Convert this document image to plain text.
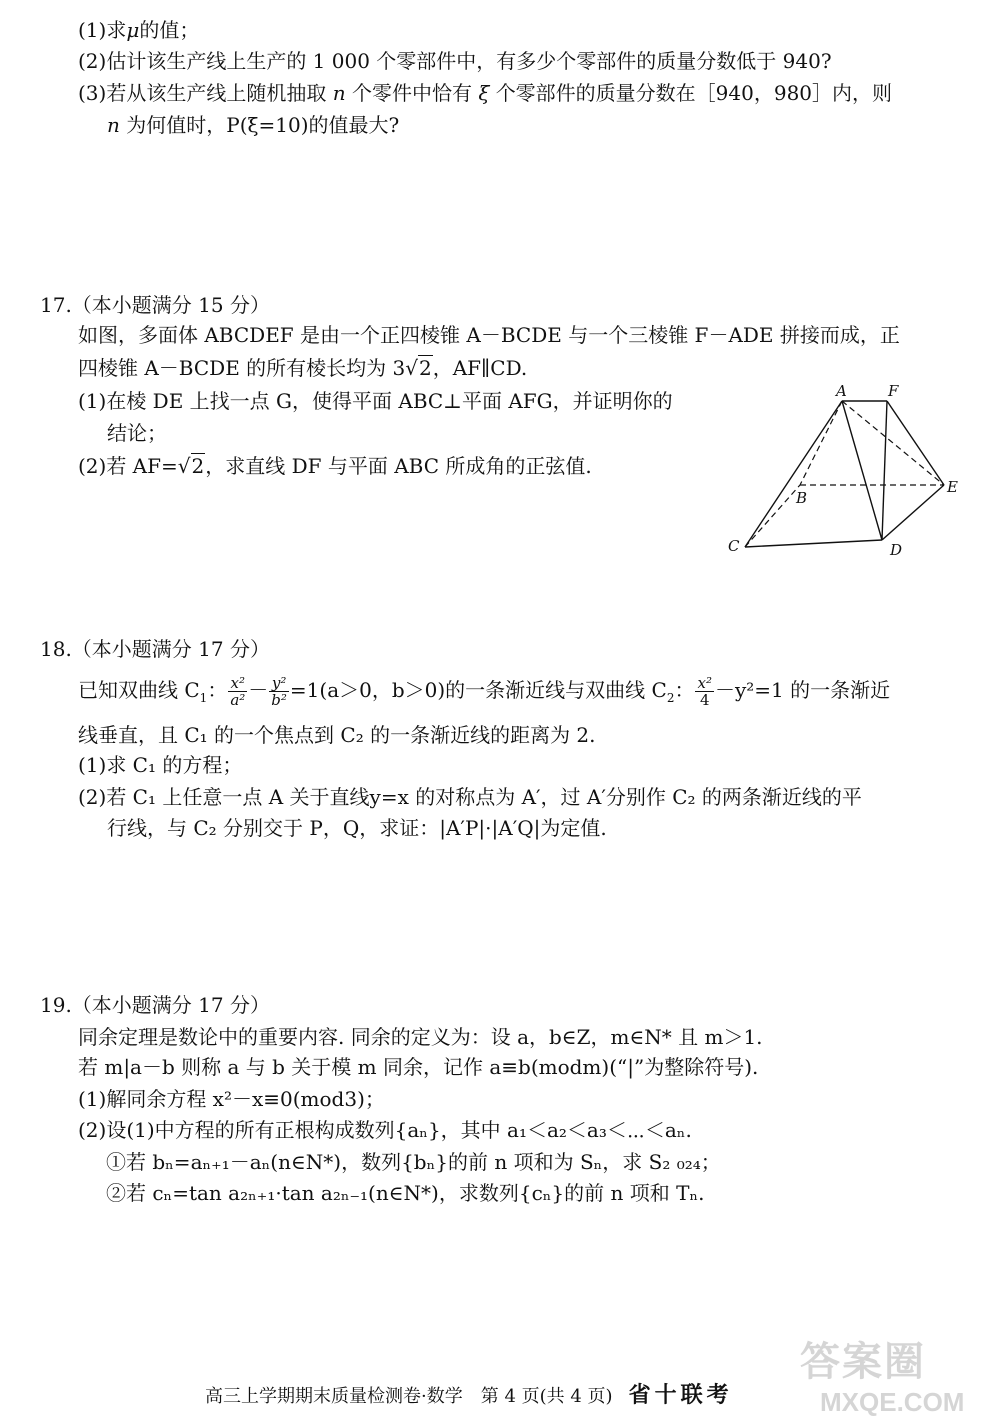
(1)求μ的值；
(2)估计该生产线上生产的 1 000 个零部件中，有多少个零部件的质量分数低于 940?
(3)若从该生产线上随机抽取 n 个零件中恰有 ξ 个零部件的质量分数在［940，980］内，则
n 为何值时，P(ξ=10)的值最大?
17.（本小题满分 15 分）
如图，多面体 ABCDEF 是由一个正四棱锥 A－BCDE 与一个三棱锥 F－ADE 拼接而成，正
四棱锥 A－BCDE 的所有棱长均为 3√2，AF∥CD.
(1)在棱 DE 上找一点 G，使得平面 ABC⊥平面 AFG，并证明你的
结论；
(2)若 AF=√2，求直线 DF 与平面 ABC 所成角的正弦值.
A	F
B
E
C	D
18.（本小题满分 17 分）
已知双曲线 $C_1$： $\frac{\text{x²}}{\text{a²}} - \frac{\text{y²}}{\text{b²}} =1(a>0$，b＞0)的一条渐近线与双曲线 $C_2$： $\frac{\text{x²}}{4} -y^2=1$ 的一条渐近
线垂直，且 C₁ 的一个焦点到 C₂ 的一条渐近线的距离为 2.
(1)求 C₁ 的方程；
(2)若 C₁ 上任意一点 A 关于直线y=x 的对称点为 A′，过 A′分别作 C₂ 的两条渐近线的平
行线，与 C₂ 分别交于 P，Q，求证：|A′P|·|A′Q|为定值.
19.（本小题满分 17 分）
同余定理是数论中的重要内容. 同余的定义为：设 a，b∈Z，m∈N* 且 m＞1.
若 m|a－b 则称 a 与 b 关于模 m 同余，记作 a≡b(modm)(“|”为整除符号).
(1)解同余方程 x²－x≡0(mod3)；
(2)设(1)中方程的所有正根构成数列{aₙ}，其中 a₁＜a₂＜a₃＜⋯＜aₙ.
①若 bₙ=aₙ₊₁－aₙ(n∈N*)，数列{bₙ}的前 n 项和为 Sₙ，求 S₂ ₀₂₄；
②若 cₙ=tan a₂ₙ₊₁·tan a₂ₙ₋₁(n∈N*)，求数列{cₙ}的前 n 项和 Tₙ.
高三上学期期末质量检测卷·数学　第 4 页(共 4 页) 省十联考
答案圈
MXQE.COM
